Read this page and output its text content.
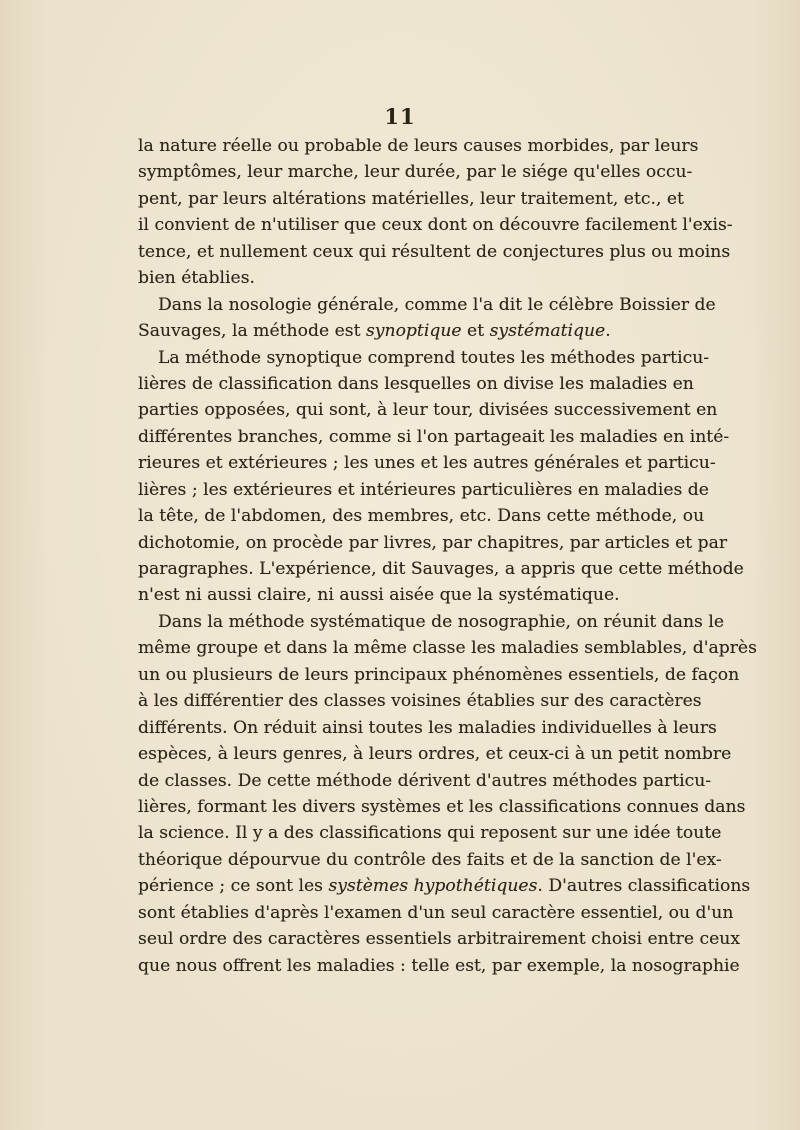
11
la nature réelle ou probable de leurs causes morbides, par leurs
symptômes, leur marche, leur durée, par le siége qu'elles occu-
pent, par leurs altérations matérielles, leur traitement, etc., et
il convient de n'utiliser que ceux dont on découvre facilement l'exis-
tence, et nullement ceux qui résultent de conjectures plus ou moins
bien établies.
Dans la nosologie générale, comme l'a dit le célèbre Boissier de
Sauvages, la méthode est synoptique et systématique.
La méthode synoptique comprend toutes les méthodes particu-
lières de classification dans lesquelles on divise les maladies en
parties opposées, qui sont, à leur tour, divisées successivement en
différentes branches, comme si l'on partageait les maladies en inté-
rieures et extérieures ; les unes et les autres générales et particu-
lières ; les extérieures et intérieures particulières en maladies de
la tête, de l'abdomen, des membres, etc. Dans cette méthode, ou
dichotomie, on procède par livres, par chapitres, par articles et par
paragraphes. L'expérience, dit Sauvages, a appris que cette méthode
n'est ni aussi claire, ni aussi aisée que la systématique.
Dans la méthode systématique de nosographie, on réunit dans le
même groupe et dans la même classe les maladies semblables, d'après
un ou plusieurs de leurs principaux phénomènes essentiels, de façon
à les différentier des classes voisines établies sur des caractères
différents. On réduit ainsi toutes les maladies individuelles à leurs
espèces, à leurs genres, à leurs ordres, et ceux-ci à un petit nombre
de classes. De cette méthode dérivent d'autres méthodes particu-
lières, formant les divers systèmes et les classifications connues dans
la science. Il y a des classifications qui reposent sur une idée toute
théorique dépourvue du contrôle des faits et de la sanction de l'ex-
périence ; ce sont les systèmes hypothétiques. D'autres classifications
sont établies d'après l'examen d'un seul caractère essentiel, ou d'un
seul ordre des caractères essentiels arbitrairement choisi entre ceux
que nous offrent les maladies : telle est, par exemple, la nosographie
